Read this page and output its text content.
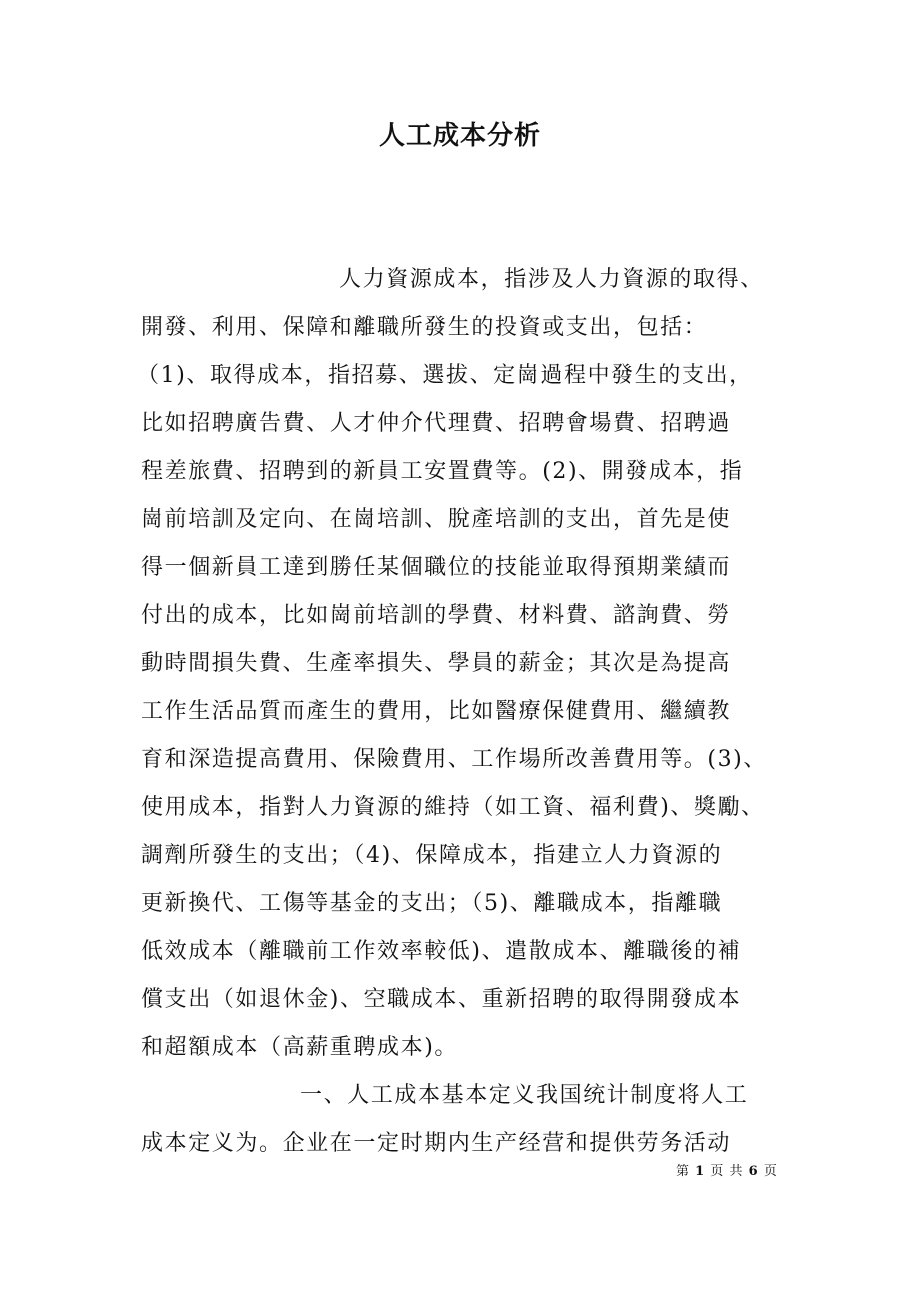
人工成本分析
人力資源成本，指涉及人力資源的取得、
開發、利用、保障和離職所發生的投資或支出，包括：
（1)、取得成本，指招募、選拔、定崗過程中發生的支出，
比如招聘廣告費、人才仲介代理費、招聘會場費、招聘過
程差旅費、招聘到的新員工安置費等。(2)、開發成本，指
崗前培訓及定向、在崗培訓、脫產培訓的支出，首先是使
得一個新員工達到勝任某個職位的技能並取得預期業績而
付出的成本，比如崗前培訓的學費、材料費、諮詢費、勞
動時間損失費、生產率損失、學員的薪金；其次是為提高
工作生活品質而產生的費用，比如醫療保健費用、繼續教
育和深造提高費用、保險費用、工作場所改善費用等。(3)、
使用成本，指對人力資源的維持（如工資、福利費)、獎勵、
調劑所發生的支出；（4)、保障成本，指建立人力資源的
更新換代、工傷等基金的支出；（5)、離職成本，指離職
低效成本（離職前工作效率較低)、遣散成本、離職後的補
償支出（如退休金)、空職成本、重新招聘的取得開發成本
和超額成本（高薪重聘成本)。
一、人工成本基本定义我国统计制度将人工
成本定义为。企业在一定时期内生产经营和提供劳务活动
第 1 页 共 6 页
